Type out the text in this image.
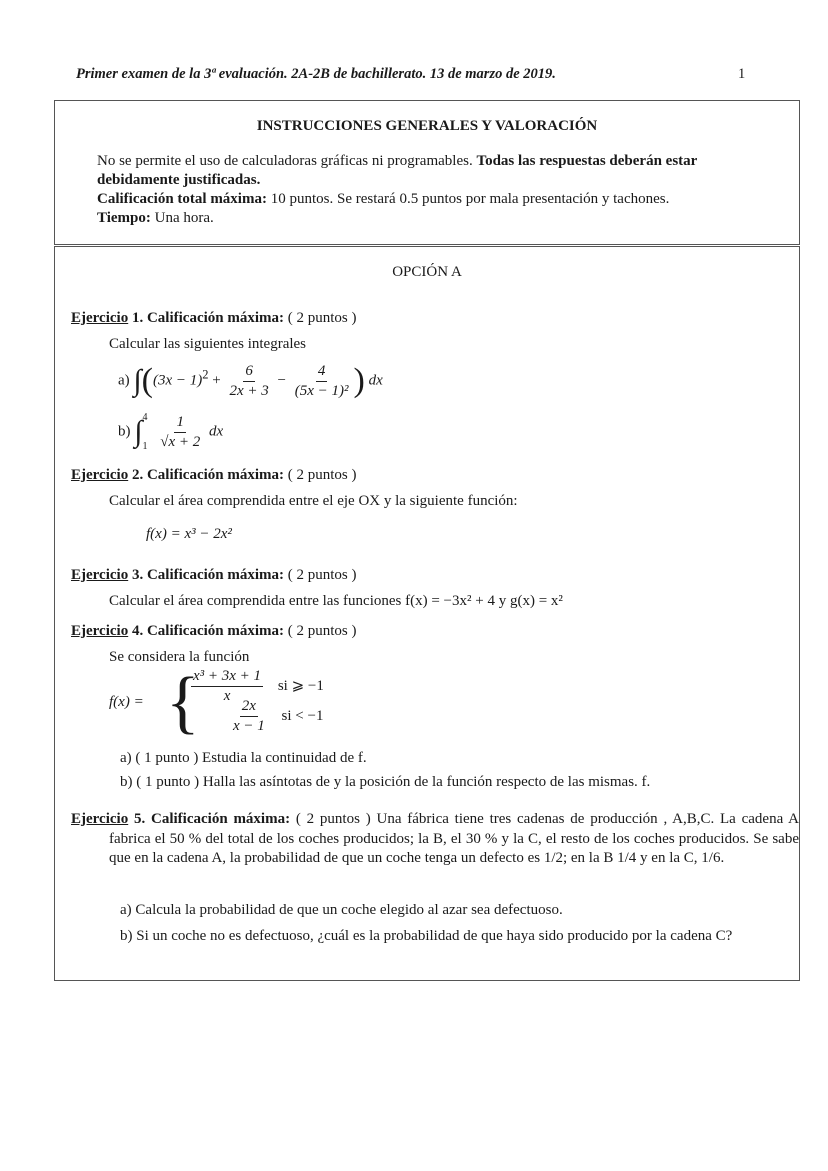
Primer examen de la 3ª evaluación. 2A-2B de bachillerato. 13 de marzo de 2019.	1
INSTRUCCIONES GENERALES Y VALORACIÓN
No se permite el uso de calculadoras gráficas ni programables. Todas las respuestas deberán estar debidamente justificadas.
Calificación total máxima: 10 puntos. Se restará 0.5 puntos por mala presentación y tachones.
Tiempo: Una hora.
OPCIÓN A
Ejercicio 1. Calificación máxima: ( 2 puntos )
Calcular las siguientes integrales
a) $\int((3x - 1)^2 + \frac{6}{2x + 3} - \frac{4}{\text{(5x − 1)²}}$ ) dx
b) ∫ 4
1
$\frac{1}{√x + 2}$ dx
Ejercicio 2. Calificación máxima: ( 2 puntos )
Calcular el área comprendida entre el eje OX y la siguiente función:
f(x) = x³ − 2x²
Ejercicio 3. Calificación máxima: ( 2 puntos )
Calcular el área comprendida entre las funciones f(x) = −3x² + 4 y g(x) = x²
Ejercicio 4. Calificación máxima: ( 2 puntos )
Se considera la función
f(x) = {
$\frac{\text{x³ + 3x + 1}}{x}$ si ⩾ −1
$\frac{2x}{x - 1}$ si < −1
a) ( 1 punto ) Estudia la continuidad de f.
b) ( 1 punto ) Halla las asíntotas de y la posición de la función respecto de las mismas. f.
Ejercicio 5. Calificación máxima: ( 2 puntos ) Una fábrica tiene tres cadenas de producción , A,B,C. La cadena A fabrica el 50 % del total de los coches producidos; la B, el 30 % y la C, el resto de los coches producidos. Se sabe que en la cadena A, la probabilidad de que un coche tenga un defecto es 1/2; en la B 1/4 y en la C, 1/6.
a) Calcula la probabilidad de que un coche elegido al azar sea defectuoso.
b) Si un coche no es defectuoso, ¿cuál es la probabilidad de que haya sido producido por la cadena C?
